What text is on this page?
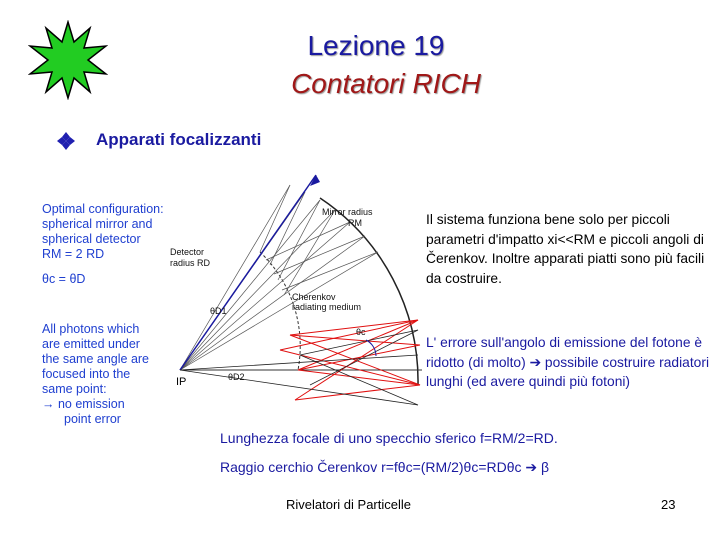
Lezione 19
Contatori RICH
Apparati focalizzanti
Optimal configuration:
spherical mirror and
spherical detector
RM = 2 RD
θc = θD
All photons which
are emitted under
the same angle are
focused into the
same point:
→ no emission
point error
Mirror radius
RM
Detector
radius RD
θD1
Cherenkov
radiating medium
θc
θD2
IP
Il sistema funziona bene solo per piccoli parametri d'impatto xi<<RM e piccoli angoli di Čerenkov. Inoltre apparati piatti sono più facili da costruire.
L' errore sull'angolo di emissione del fotone è ridotto (di molto) ➔ possibile costruire radiatori lunghi (ed avere quindi più fotoni)
Lunghezza focale di uno specchio sferico f=RM/2=RD.
Raggio cerchio Čerenkov r=fθc=(RM/2)θc=RDθc ➔ β
Rivelatori di Particelle	23
